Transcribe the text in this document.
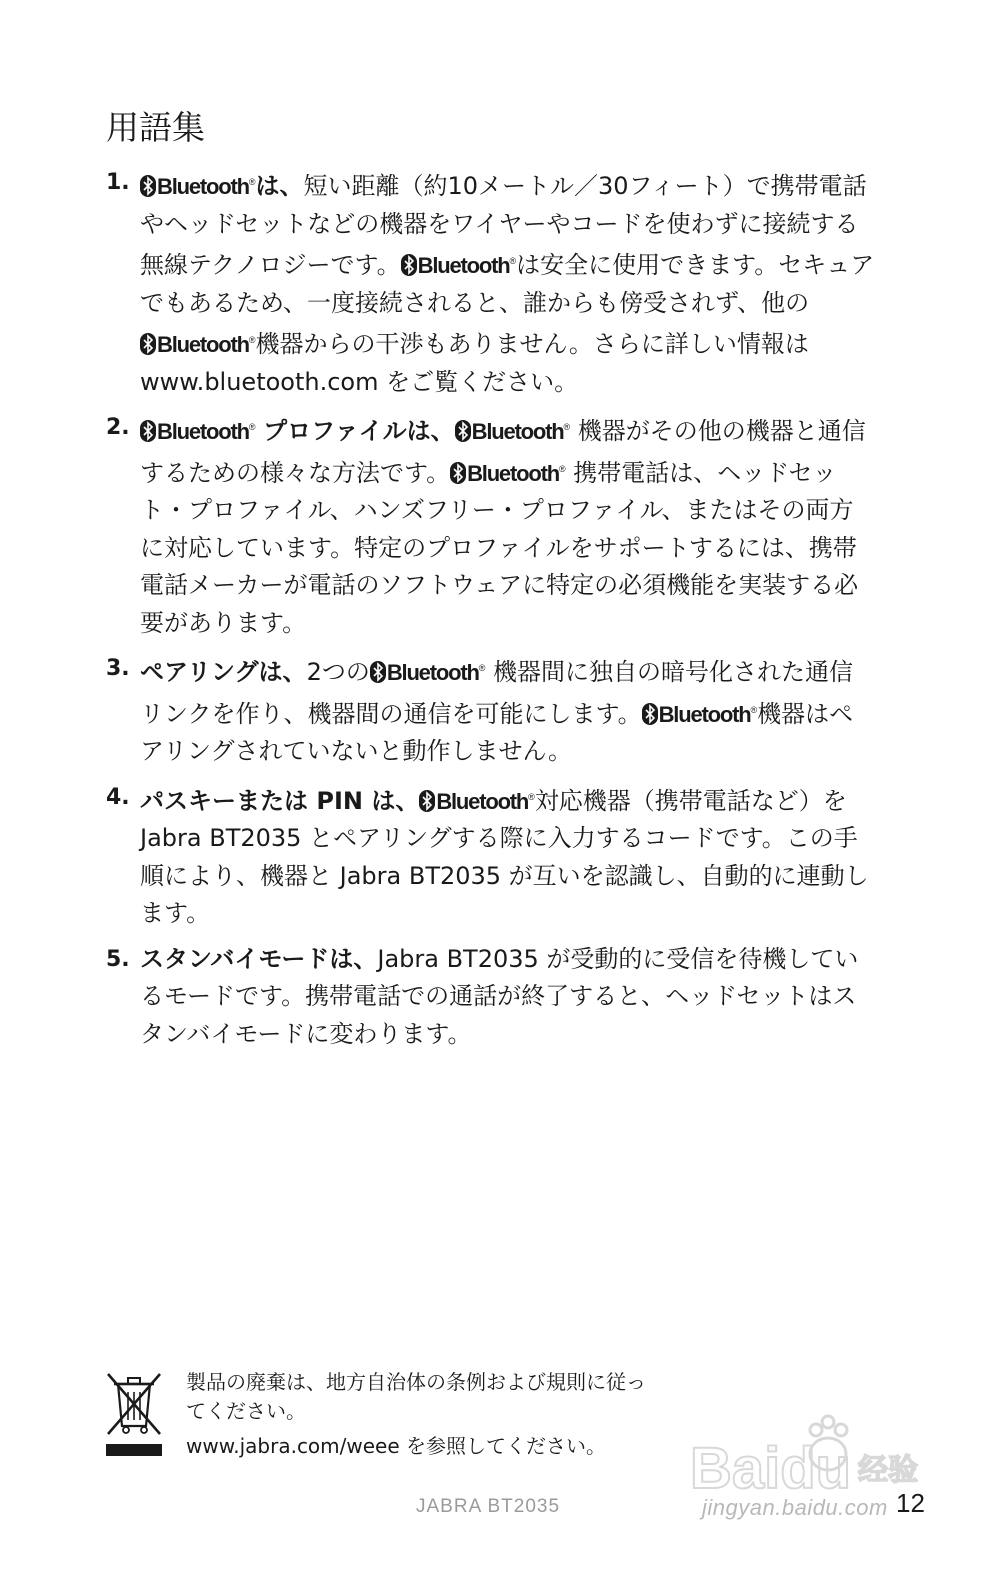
用語集
1. Bluetooth®は、短い距離（約10メートル／30フィート）で携帯電話やヘッドセットなどの機器をワイヤーやコードを使わずに接続する無線テクノロジーです。 Bluetooth®は安全に使用できます。セキュアでもあるため、一度接続されると、誰からも傍受されず、他のBluetooth®機器からの干渉もありません。さらに詳しい情報は www.bluetooth.com をご覧ください。
2. Bluetooth® プロファイルは、 Bluetooth® 機器がその他の機器と通信するための様々な方法です。 Bluetooth® 携帯電話は、ヘッドセット・プロファイル、ハンズフリー・プロファイル、またはその両方に対応しています。特定のプロファイルをサポートするには、携帯電話メーカーが電話のソフトウェアに特定の必須機能を実装する必要があります。
3. ペアリングは、2つの Bluetooth® 機器間に独自の暗号化された通信リンクを作り、機器間の通信を可能にします。 Bluetooth®機器はペアリングされていないと動作しません。
4. パスキーまたは PIN は、 Bluetooth®対応機器（携帯電話など）を Jabra BT2035 とペアリングする際に入力するコードです。この手順により、機器と Jabra BT2035 が互いを認識し、自動的に連動します。
5. スタンバイモードは、Jabra BT2035 が受動的に受信を待機しているモードです。携帯電話での通話が終了すると、ヘッドセットはスタンバイモードに変わります。

製品の廃棄は、地方自治体の条例および規則に従ってください。

www.jabra.com/weee を参照してください。 Baidu 经验
jingyan.baidu.com
JABRA BT2035	12
